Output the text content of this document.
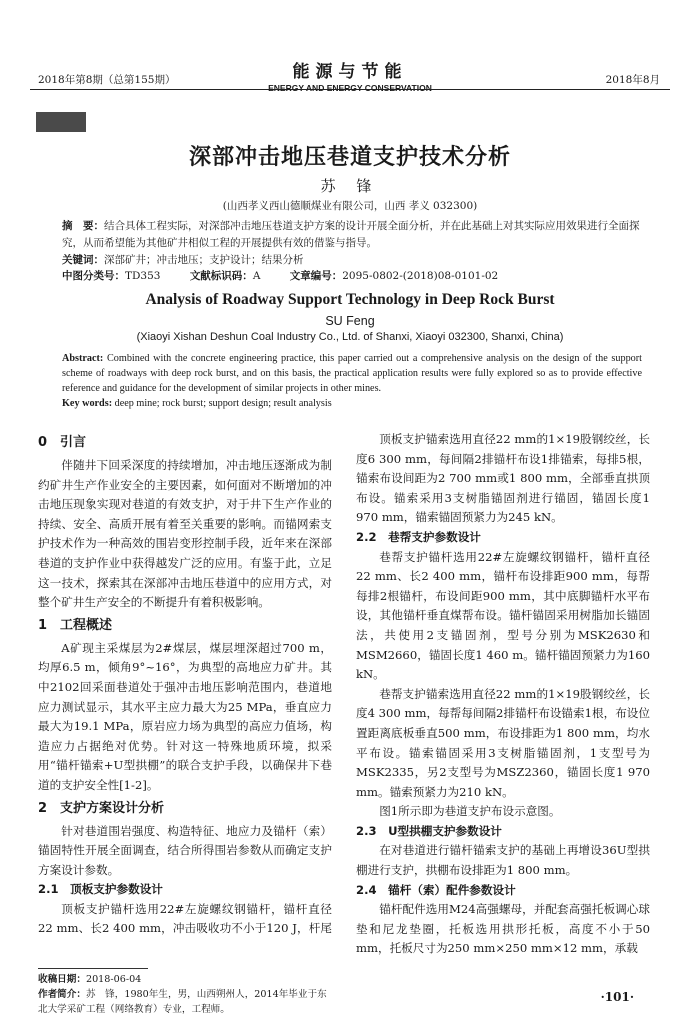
2018年第8期（总第155期）	能源与节能
ENERGY AND ENERGY CONSERVATION
2018年8月
深部冲击地压巷道支护技术分析
苏 锋
(山西孝义西山德顺煤业有限公司，山西 孝义 032300)
摘　要：结合具体工程实际，对深部冲击地压巷道支护方案的设计开展全面分析，并在此基础上对其实际应用效果进行全面探究，从而希望能为其他矿井相似工程的开展提供有效的借鉴与指导。
关键词：深部矿井；冲击地压；支护设计；结果分析
中图分类号：TD353	文献标识码：A	文章编号：2095-0802-(2018)08-0101-02
Analysis of Roadway Support Technology in Deep Rock Burst
SU Feng
(Xiaoyi Xishan Deshun Coal Industry Co., Ltd. of Shanxi, Xiaoyi 032300, Shanxi, China)
Abstract: Combined with the concrete engineering practice, this paper carried out a comprehensive analysis on the design of the support scheme of roadways with deep rock burst, and on this basis, the practical application results were fully explored so as to provide effective reference and guidance for the development of similar projects in other mines.
Key words: deep mine; rock burst; support design; result analysis
0　引言

伴随井下回采深度的持续增加，冲击地压逐渐成为制约矿井生产作业安全的主要因素，如何面对不断增加的冲击地压现象实现对巷道的有效支护，对于井下生产作业的持续、安全、高质开展有着至关重要的影响。而锚网索支护技术作为一种高效的围岩变形控制手段，近年来在深部巷道的支护作业中获得越发广泛的应用。有鉴于此，立足这一技术，探索其在深部冲击地压巷道中的应用方式，对整个矿井生产安全的不断提升有着积极影响。

1　工程概述

A矿现主采煤层为2#煤层，煤层埋深超过700 m，均厚6.5 m，倾角9°~16°，为典型的高地应力矿井。其中2102回采面巷道处于强冲击地压影响范围内，巷道地应力测试显示，其水平主应力最大为25 MPa，垂直应力最大为19.1 MPa，原岩应力场为典型的高应力值场，构造应力占据绝对优势。针对这一特殊地质环境，拟采用“锚杆锚索+U型拱棚”的联合支护手段，以确保井下巷道的支护安全性[1-2]。

2　支护方案设计分析

针对巷道围岩强度、构造特征、地应力及锚杆（索）锚固特性开展全面调查，结合所得围岩参数从而确定支护方案设计参数。

2.1　顶板支护参数设计

顶板支护锚杆选用22#左旋螺纹钢锚杆，锚杆直径22 mm、长2 400 mm，冲击吸收功不小于120 J，杆尾

顶板支护锚索选用直径22 mm的1×19股钢绞丝，长度6 300 mm，每间隔2排锚杆布设1排锚索，每排5根，锚索布设间距为2 700 mm或1 800 mm，全部垂直拱顶布设。锚索采用3支树脂锚固剂进行锚固，锚固长度1 970 mm，锚索锚固预紧力为245 kN。

2.2　巷帮支护参数设计

巷帮支护锚杆选用22#左旋螺纹钢锚杆，锚杆直径22 mm、长2 400 mm，锚杆布设排距900 mm，每帮每排2根锚杆，布设间距900 mm，其中底脚锚杆水平布设，其他锚杆垂直煤帮布设。锚杆锚固采用树脂加长锚固法，共使用2支锚固剂，型号分别为MSK2630和MSM2660，锚固长度1 460 m。锚杆锚固预紧力为160 kN。

巷帮支护锚索选用直径22 mm的1×19股钢绞丝，长度4 300 mm，每帮每间隔2排锚杆布设锚索1根，布设位置距离底板垂直500 mm，布设排距为1 800 mm，均水平布设。锚索锚固采用3支树脂锚固剂，1支型号为MSK2335，另2支型号为MSZ2360，锚固长度1 970 mm。锚索预紧力为210 kN。

图1所示即为巷道支护布设示意图。

2.3　U型拱棚支护参数设计

在对巷道进行锚杆锚索支护的基础上再增设36U型拱棚进行支护，拱棚布设排距为1 800 mm。

2.4　锚杆（索）配件参数设计

锚杆配件选用M24高强螺母，并配套高强托板调心球垫和尼龙垫圈，托板选用拱形托板，高度不小于50 mm，托板尺寸为250 mm×250 mm×12 mm，承载

收稿日期：2018-06-04
作者简介：苏　锋，1980年生，男，山西朔州人，2014年毕业于东北大学采矿工程（网络教育）专业，工程师。
·101·
